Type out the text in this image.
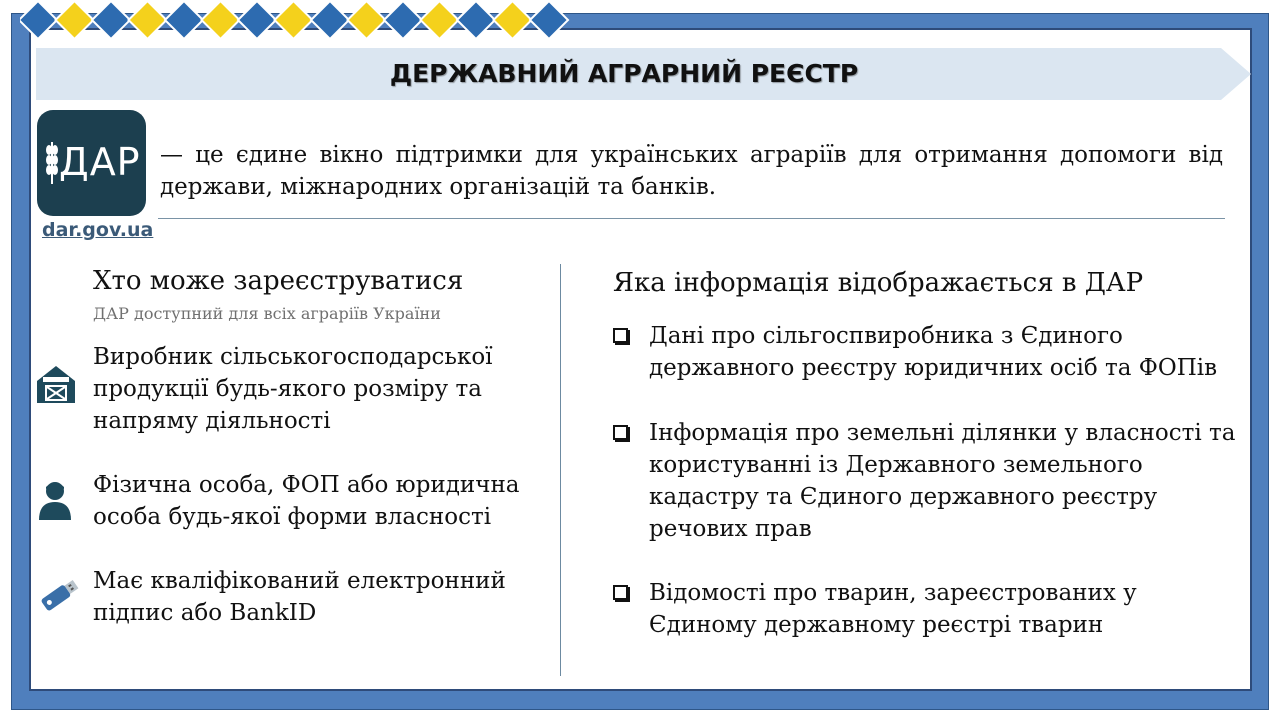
ДЕРЖАВНИЙ АГРАРНИЙ РЕЄСТР
ДАР
dar.gov.ua
— це єдине вікно підтримки для українських аграріїв для отримання допомоги від держави, міжнародних організацій та банків.
Хто може зареєструватися
ДАР доступний для всіх аграріїв України
Виробник сільськогосподарської продукції будь-якого розміру та напряму діяльності
Фізична особа, ФОП або юридична особа будь-якої форми власності
Має кваліфікований електронний підпис або BankID
Яка інформація відображається в ДАР
Дані про сільгоспвиробника з Єдиного державного реєстру юридичних осіб та ФОПів
Інформація про земельні ділянки у власності та користуванні із Державного земельного кадастру та Єдиного державного реєстру речових прав
Відомості про тварин, зареєстрованих у Єдиному державному реєстрі тварин
